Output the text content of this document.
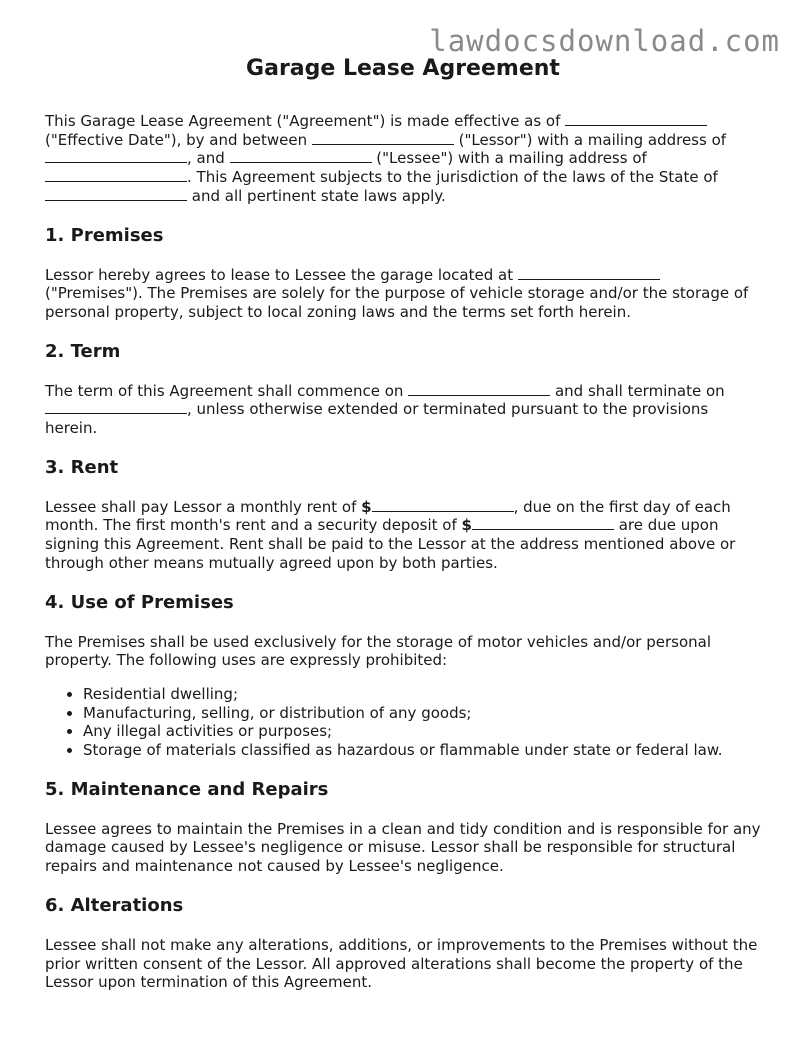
lawdocsdownload.com
Garage Lease Agreement

This Garage Lease Agreement ("Agreement") is made effective as of  ("Effective Date"), by and between	("Lessor") with a mailing address of , and	("Lessee") with a mailing address of . This Agreement subjects to the jurisdiction of the laws of the State of  and all pertinent state laws apply.

1. Premises

Lessor hereby agrees to lease to Lessee the garage located at  ("Premises"). The Premises are solely for the purpose of vehicle storage and/or the storage of personal property, subject to local zoning laws and the terms set forth herein.

2. Term

The term of this Agreement shall commence on	and shall terminate on , unless otherwise extended or terminated pursuant to the provisions herein.

3. Rent

Lessee shall pay Lessor a monthly rent of $	, due on the first day of each month. The first month's rent and a security deposit of $	are due upon signing this Agreement. Rent shall be paid to the Lessor at the address mentioned above or through other means mutually agreed upon by both parties.

4. Use of Premises

The Premises shall be used exclusively for the storage of motor vehicles and/or personal property. The following uses are expressly prohibited:

• Residential dwelling;
• Manufacturing, selling, or distribution of any goods;
• Any illegal activities or purposes;
• Storage of materials classified as hazardous or flammable under state or federal law.
5. Maintenance and Repairs

Lessee agrees to maintain the Premises in a clean and tidy condition and is responsible for any damage caused by Lessee's negligence or misuse. Lessor shall be responsible for structural repairs and maintenance not caused by Lessee's negligence.

6. Alterations

Lessee shall not make any alterations, additions, or improvements to the Premises without the prior written consent of the Lessor. All approved alterations shall become the property of the Lessor upon termination of this Agreement.
